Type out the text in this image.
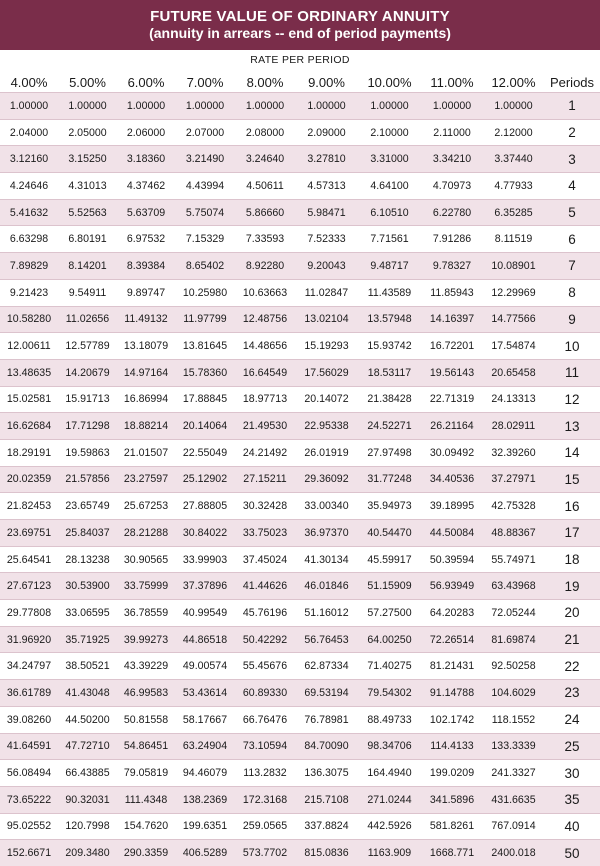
FUTURE VALUE OF ORDINARY ANNUITY
(annuity in arrears -- end of period payments)
RATE PER PERIOD
4.00%	5.00%	6.00%	7.00%	8.00%	9.00%	10.00%	11.00%	12.00%	Periods
1.00000	1.00000	1.00000	1.00000	1.00000	1.00000	1.00000	1.00000	1.00000	1
2.04000	2.05000	2.06000	2.07000	2.08000	2.09000	2.10000	2.11000	2.12000	2
3.12160	3.15250	3.18360	3.21490	3.24640	3.27810	3.31000	3.34210	3.37440	3
4.24646	4.31013	4.37462	4.43994	4.50611	4.57313	4.64100	4.70973	4.77933	4
5.41632	5.52563	5.63709	5.75074	5.86660	5.98471	6.10510	6.22780	6.35285	5
6.63298	6.80191	6.97532	7.15329	7.33593	7.52333	7.71561	7.91286	8.11519	6
7.89829	8.14201	8.39384	8.65402	8.92280	9.20043	9.48717	9.78327	10.08901	7
9.21423	9.54911	9.89747	10.25980	10.63663	11.02847	11.43589	11.85943	12.29969	8
10.58280	11.02656	11.49132	11.97799	12.48756	13.02104	13.57948	14.16397	14.77566	9
12.00611	12.57789	13.18079	13.81645	14.48656	15.19293	15.93742	16.72201	17.54874	10
13.48635	14.20679	14.97164	15.78360	16.64549	17.56029	18.53117	19.56143	20.65458	11
15.02581	15.91713	16.86994	17.88845	18.97713	20.14072	21.38428	22.71319	24.13313	12
16.62684	17.71298	18.88214	20.14064	21.49530	22.95338	24.52271	26.21164	28.02911	13
18.29191	19.59863	21.01507	22.55049	24.21492	26.01919	27.97498	30.09492	32.39260	14
20.02359	21.57856	23.27597	25.12902	27.15211	29.36092	31.77248	34.40536	37.27971	15
21.82453	23.65749	25.67253	27.88805	30.32428	33.00340	35.94973	39.18995	42.75328	16
23.69751	25.84037	28.21288	30.84022	33.75023	36.97370	40.54470	44.50084	48.88367	17
25.64541	28.13238	30.90565	33.99903	37.45024	41.30134	45.59917	50.39594	55.74971	18
27.67123	30.53900	33.75999	37.37896	41.44626	46.01846	51.15909	56.93949	63.43968	19
29.77808	33.06595	36.78559	40.99549	45.76196	51.16012	57.27500	64.20283	72.05244	20
31.96920	35.71925	39.99273	44.86518	50.42292	56.76453	64.00250	72.26514	81.69874	21
34.24797	38.50521	43.39229	49.00574	55.45676	62.87334	71.40275	81.21431	92.50258	22
36.61789	41.43048	46.99583	53.43614	60.89330	69.53194	79.54302	91.14788	104.6029	23
39.08260	44.50200	50.81558	58.17667	66.76476	76.78981	88.49733	102.1742	118.1552	24
41.64591	47.72710	54.86451	63.24904	73.10594	84.70090	98.34706	114.4133	133.3339	25
56.08494	66.43885	79.05819	94.46079	113.2832	136.3075	164.4940	199.0209	241.3327	30
73.65222	90.32031	111.4348	138.2369	172.3168	215.7108	271.0244	341.5896	431.6635	35
95.02552	120.7998	154.7620	199.6351	259.0565	337.8824	442.5926	581.8261	767.0914	40
152.6671	209.3480	290.3359	406.5289	573.7702	815.0836	1163.909	1668.771	2400.018	50
